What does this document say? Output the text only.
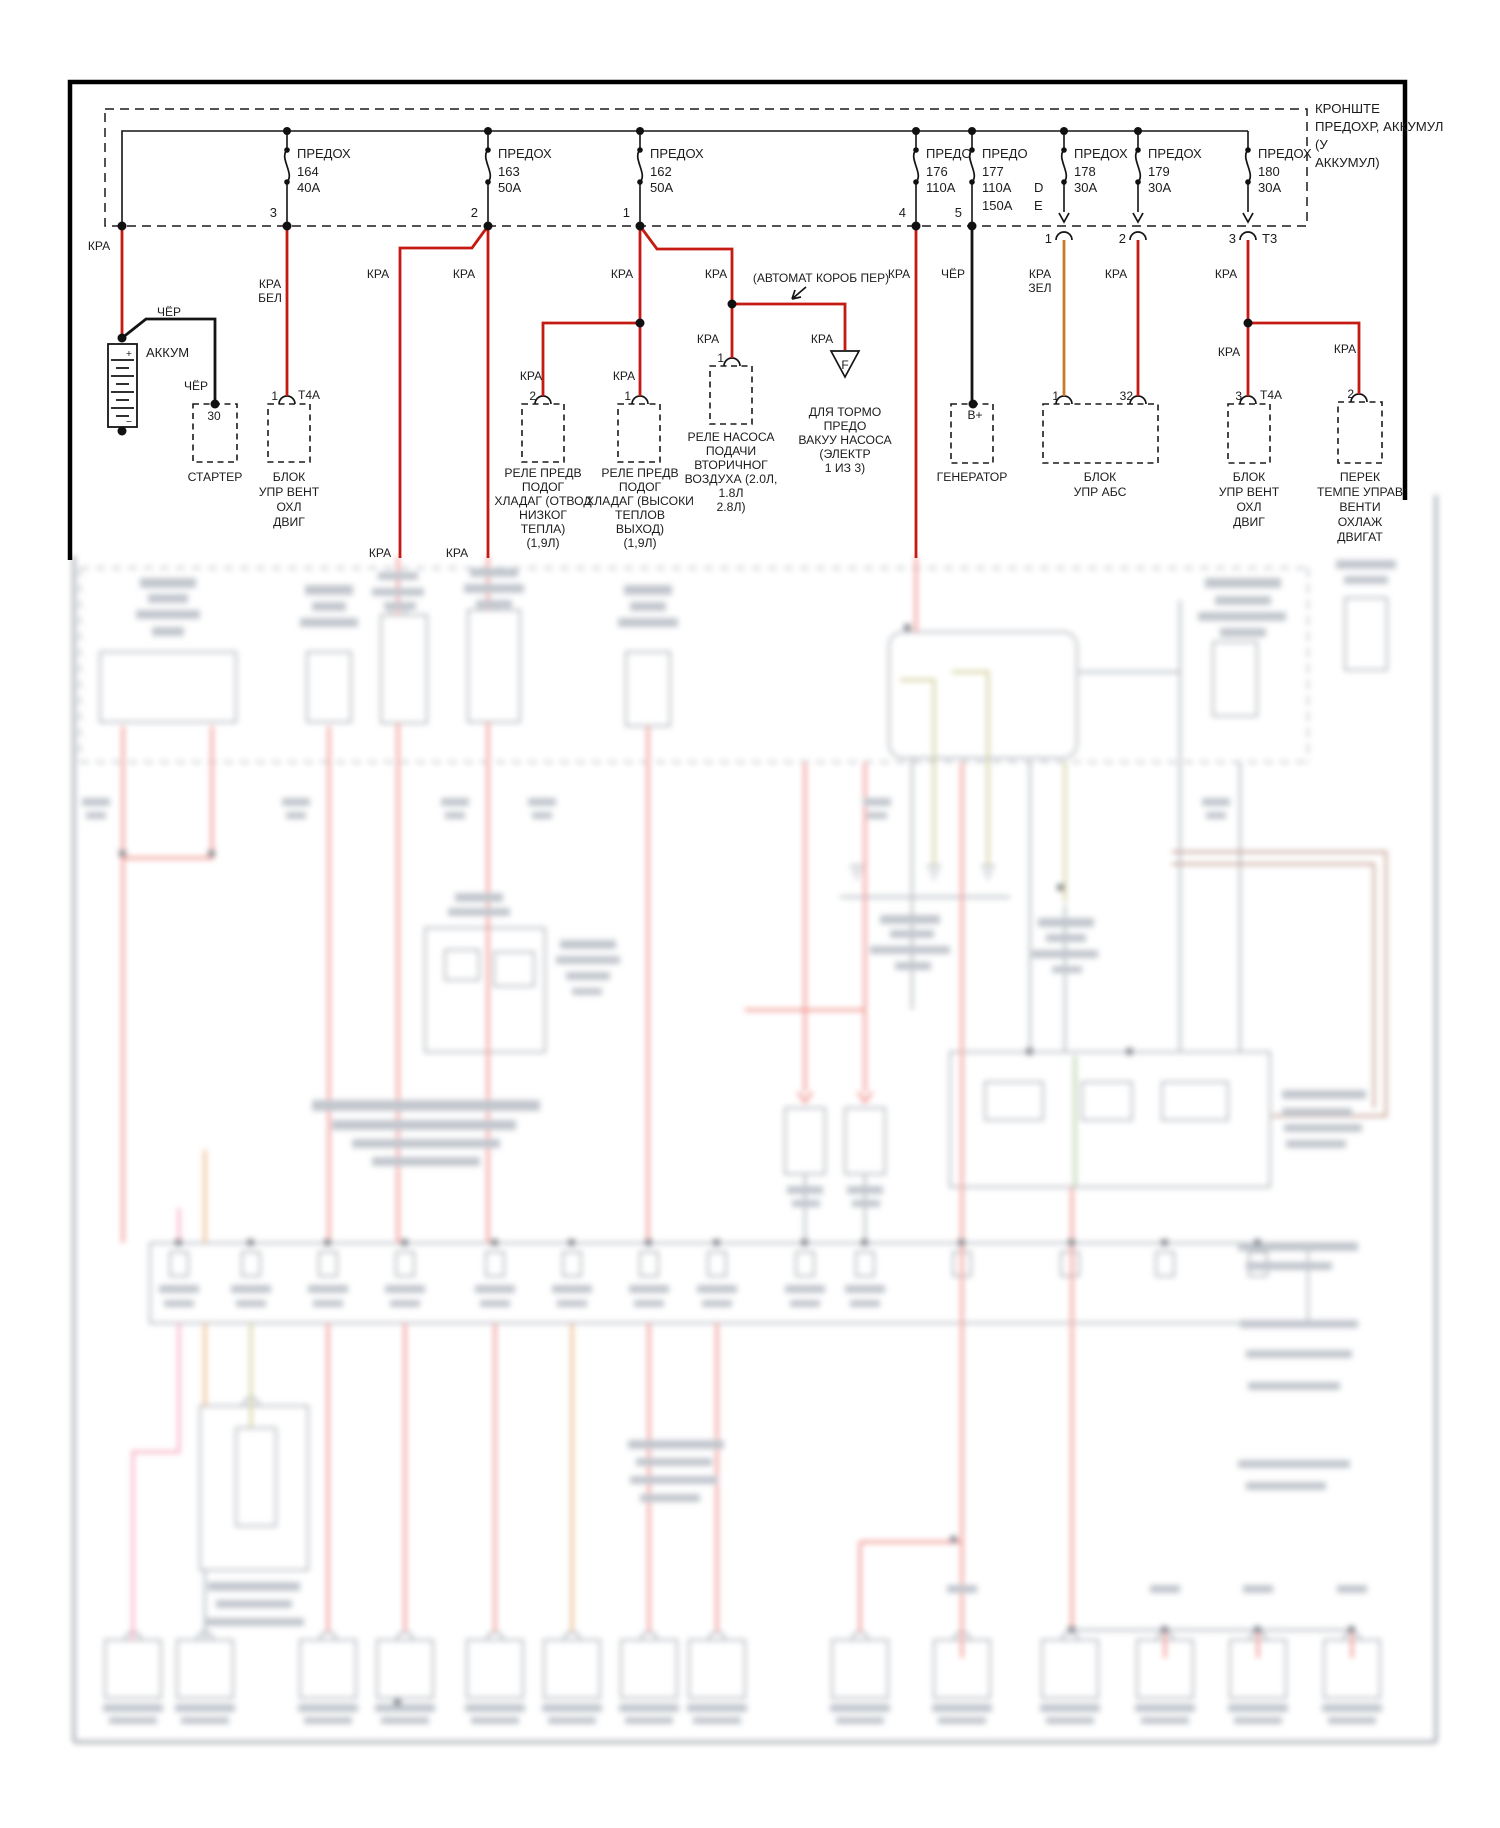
+
−
АККУМ
F
КРОНШТЕ
ПРЕДОХР, АККУМУЛ
(У
АККУМУЛ)
ПРЕДОХ
164
40А
3
ПРЕДОХ
163
50А
2
ПРЕДОХ
162
50А
1
ПРЕДО
176
110А
4
ПРЕДО
177
110А
150А
D
E
5
ПРЕДОХ
178
30А
1
ПРЕДОХ
179
30А
2
ПРЕДОХ
180
30А
3 Т3
КРА
ЧЁР
ЧЁР
КРА
БЕЛ
КРА	КРА	КРА	КРА (АВТОМАТ КОРОБ ПЕР)
КРА	ЧЁР	КРА
ЗЕЛ
КРА	КРА
КРА	КРА
КРА	КРА
КРА	КРА
КРА	КРА
30
1 Т4А	2	1
1
В+
1	32	3 Т4А	2
СТАРТЕР БЛОК
УПР ВЕНТ
ОХЛ
ДВИГ
РЕЛЕ ПРЕДВ
ПОДОГ
ХЛАДАГ (ОТВОД
НИЗКОГ
ТЕПЛА)
(1,9Л)
РЕЛЕ ПРЕДВ
ПОДОГ
ХЛАДАГ (ВЫСОКИ
ТЕПЛОВ
ВЫХОД)
(1,9Л)
РЕЛЕ НАСОСА
ПОДАЧИ
ВТОРИЧНОГ
ВОЗДУХА (2.0Л,
1.8Л
2.8Л)
ДЛЯ ТОРМО
ПРЕДО
ВАКУУ НАСОСА
(ЭЛЕКТР
1 ИЗ 3)
ГЕНЕРАТОР	БЛОК
УПР АБС
БЛОК
УПР ВЕНТ
ОХЛ
ДВИГ
ПЕРЕК
ТЕМПЕ УПРАВ
ВЕНТИ
ОХЛАЖ
ДВИГАТ
